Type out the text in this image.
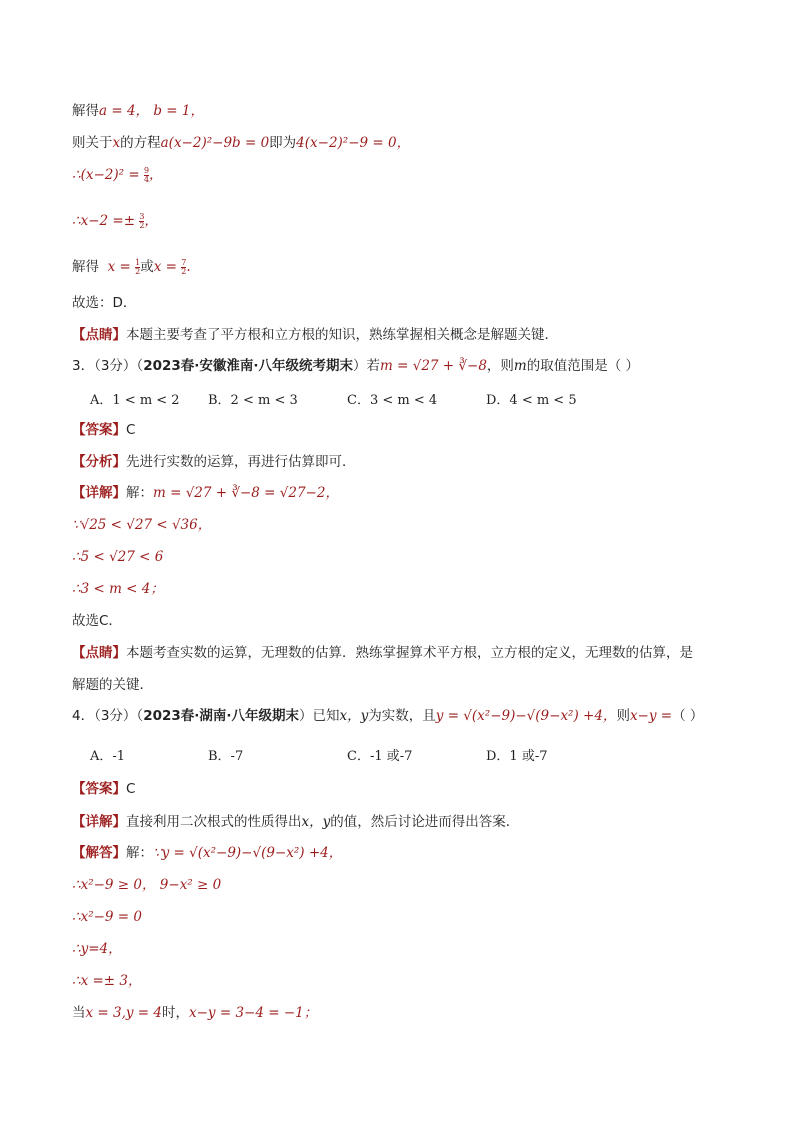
解得a = 4， b = 1，
则关于x的方程a(x−2)²−9b = 0即为4(x−2)²−9 = 0，
∴(x−2)² = $\frac{9}{4}$ ，
∴x−2 =± $\frac{3}{2}$ ，
解得 $x = \frac{1}{2}$ 或$x = \frac{7}{2}$ .
故选：D．
【点睛】本题主要考查了平方根和立方根的知识，熟练掌握相关概念是解题关键．
3．（3分）（2023春·安徽淮南·八年级统考期末）若m = √27 + ∛−8，则m的取值范围是（ ）
A．1 < m < 2 B．2 < m < 3	C．3 < m < 4	D．4 < m < 5
【答案】C
【分析】先进行实数的运算，再进行估算即可．
【详解】解：m = √27 + ∛−8 = √27−2，
∵√25 < √27 < √36，
∴5 < √27 < 6
∴3 < m < 4；
故选C．
【点睛】本题考查实数的运算，无理数的估算．熟练掌握算术平方根，立方根的定义，无理数的估算，是
解题的关键．
4．（3分）（2023春·湖南·八年级期末）已知x，y为实数，且y = √(x²−9)−√(9−x²) +4，则x−y =（ ）
A．-1	B．-7	C．-1 或-7	D．1 或-7
【答案】C
【详解】直接利用二次根式的性质得出x，y的值，然后讨论进而得出答案．
【解答】解：∵y = √(x²−9)−√(9−x²) +4，
∴x²−9 ≥ 0， 9−x² ≥ 0
∴x²−9 = 0
∴y=4，
∴x =± 3，
当x = 3,y = 4时，x−y = 3−4 = −1；
